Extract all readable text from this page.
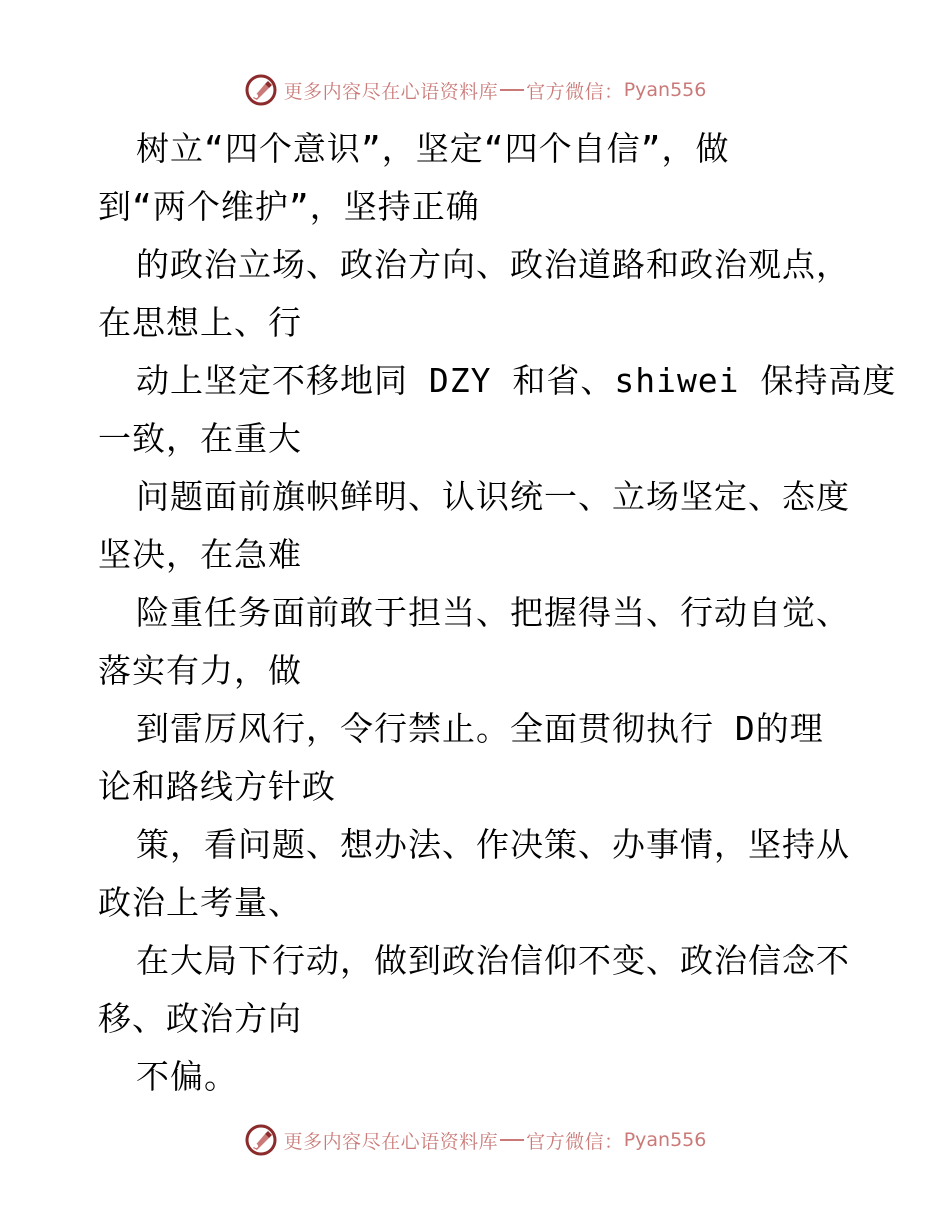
更多内容尽在心语资料库 官方微信： Pyan556
树立“四个意识”，坚定“四个自信”，做
到“两个维护”，坚持正确
的政治立场、政治方向、政治道路和政治观点，
在思想上、行
动上坚定不移地同 DZY 和省、shiwei 保持高度
一致，在重大
问题面前旗帜鲜明、认识统一、立场坚定、态度
坚决，在急难
险重任务面前敢于担当、把握得当、行动自觉、
落实有力，做
到雷厉风行，令行禁止。全面贯彻执行 D的理
论和路线方针政
策，看问题、想办法、作决策、办事情，坚持从
政治上考量、
在大局下行动，做到政治信仰不变、政治信念不
移、政治方向
不偏。
更多内容尽在心语资料库 官方微信： Pyan556
